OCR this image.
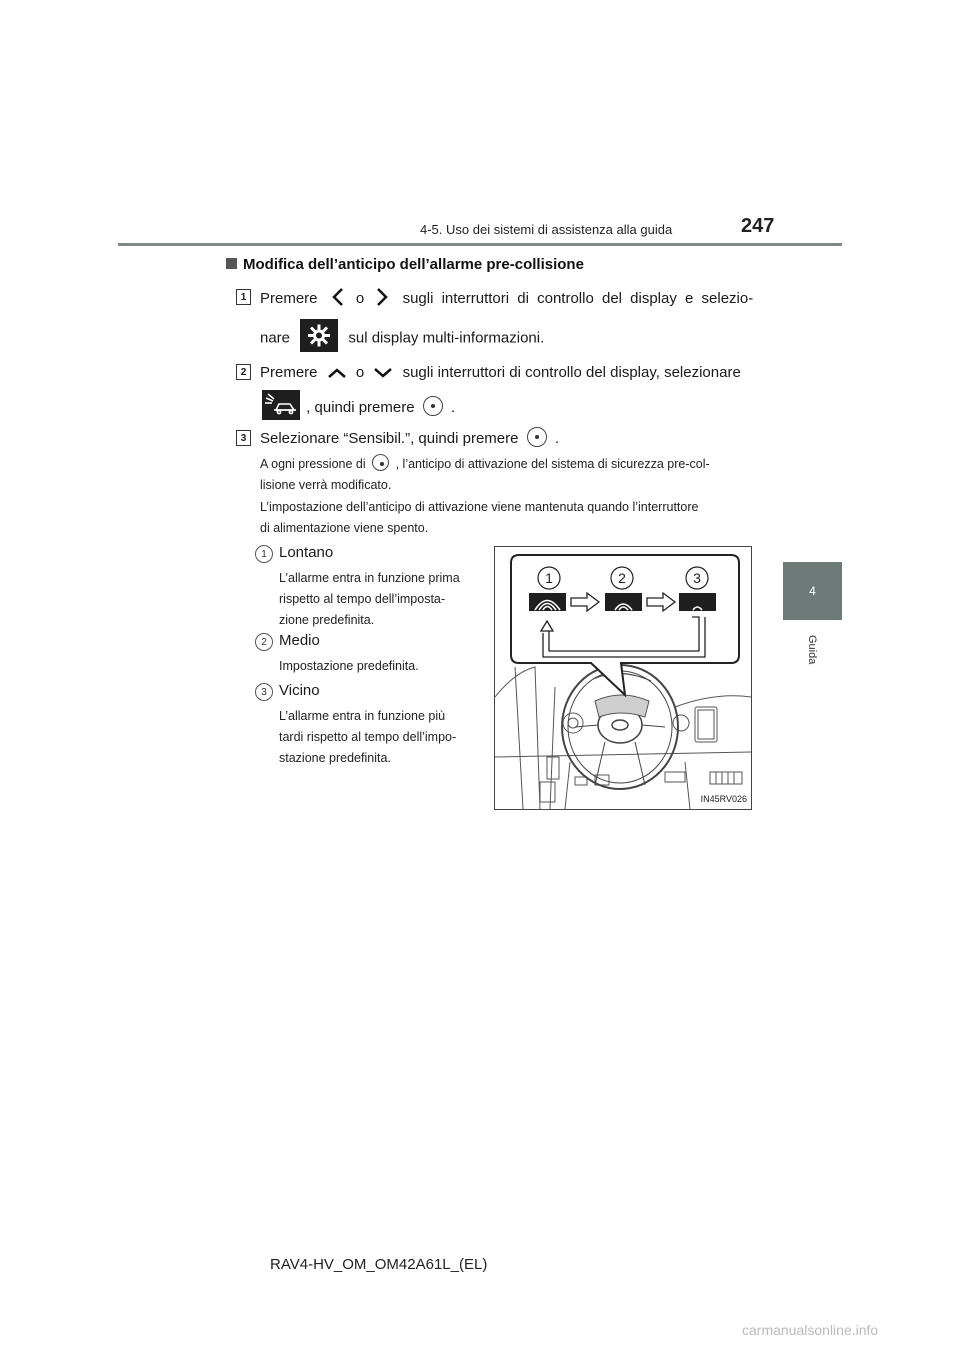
4-5. Uso dei sistemi di assistenza alla guida	247
4
Guida
Modifica dell’anticipo dell’allarme pre-collisione
1 Premere	o	sugli interruttori di controllo del display e selezio-
nare	sul display multi-informazioni.
2 Premere	o	sugli interruttori di controllo del display, selezionare
, quindi premere .
3 Selezionare “Sensibil.”, quindi premere .
A ogni pressione di , l’anticipo di attivazione del sistema di sicurezza pre-col-
lisione verrà modificato.
L’impostazione dell’anticipo di attivazione viene mantenuta quando l’interruttore
di alimentazione viene spento.
1 Lontano
L’allarme entra in funzione prima
rispetto al tempo dell’imposta-
zione predefinita.
2 Medio
Impostazione predefinita.
3 Vicino
L’allarme entra in funzione più
tardi rispetto al tempo dell’impo-
stazione predefinita.
1	2	3
IN45RV026
RAV4-HV_OM_OM42A61L_(EL)
carmanualsonline.info
